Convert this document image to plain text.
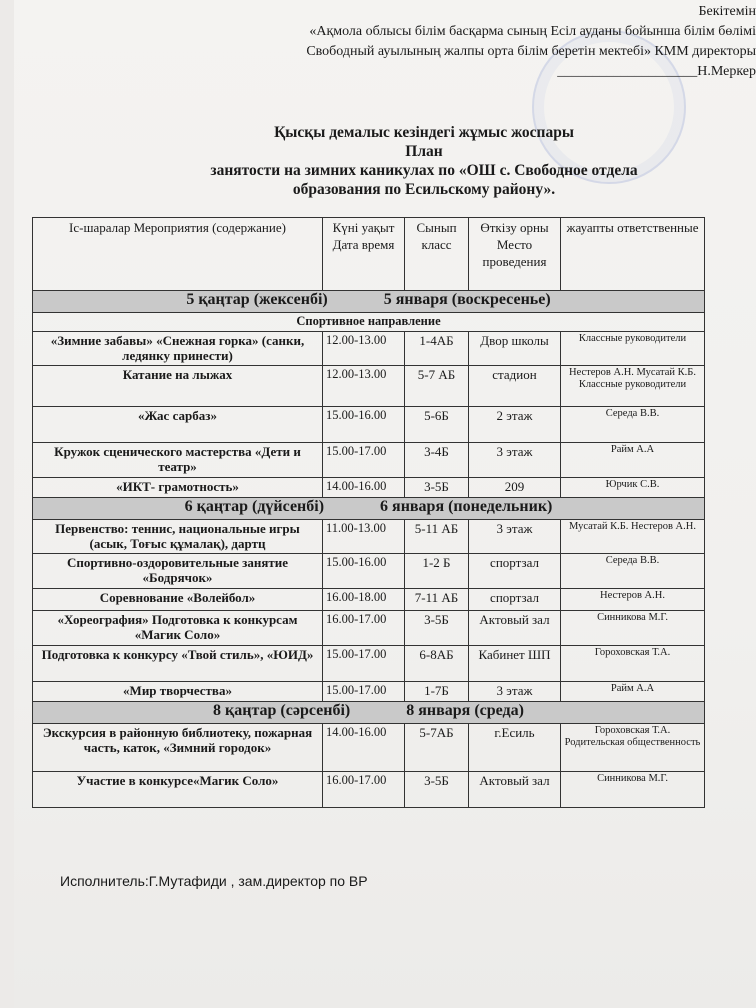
Бекітемін
«Ақмола облысы білім басқарма сының Есіл ауданы бойынша білім бөлімі
Свободный ауылының жалпы орта білім беретін мектебі» КММ директоры
____________________Н.Меркер
Қысқы демалыс кезіндегі жұмыс жоспары
План
занятости на зимних каникулах по «ОШ с. Свободное отдела
образования по Есильскому району».
Іс-шаралар Мероприятия (содержание)	Күні уақыт Дата время	Сынып класс	Өткізу орны Место проведения	жауапты ответственные
5 қаңтар (жексенбі) 5 января (воскресенье)				
Спортивное направление				
«Зимние забавы» «Снежная горка» (санки, ледянку принести)	12.00-13.00	1-4АБ	Двор школы	Классные руководители
Катание на лыжах	12.00-13.00	5-7 АБ	стадион	Нестеров А.Н. Мусатай К.Б. Классные руководители
«Жас сарбаз»	15.00-16.00	5-6Б	2 этаж	Середа В.В.
Кружок сценического мастерства «Дети и театр»	15.00-17.00	3-4Б	3 этаж	Райм А.А
«ИКТ- грамотность»	14.00-16.00	3-5Б	209	Юрчик С.В.
6 қаңтар (дүйсенбі) 6 января (понедельник)				
Первенство: теннис, национальные игры (асык, Тоғыс құмалақ), дартц	11.00-13.00	5-11 АБ	3 этаж	Мусатай К.Б. Нестеров А.Н.
Спортивно-оздоровительные занятие «Бодрячок»	15.00-16.00	1-2 Б	спортзал	Середа В.В.
Соревнование «Волейбол»	16.00-18.00	7-11 АБ	спортзал	Нестеров А.Н.
«Хореография» Подготовка к конкурсам «Магик Соло»	16.00-17.00	3-5Б	Актовый зал	Синникова М.Г.
Подготовка к конкурсу «Твой стиль», «ЮИД»	15.00-17.00	6-8АБ	Кабинет ШП	Гороховская Т.А.
«Мир творчества»	15.00-17.00	1-7Б	3 этаж	Райм А.А
8 қаңтар (сәрсенбі) 8 января (среда)				
Экскурсия в районную библиотеку, пожарная часть, каток, «Зимний городок»	14.00-16.00	5-7АБ	г.Есиль	Гороховская Т.А. Родительская общественность
Участие в конкурсе«Магик Соло»	16.00-17.00	3-5Б	Актовый зал	Синникова М.Г.
Исполнитель:Г.Мутафиди , зам.директор по ВР
